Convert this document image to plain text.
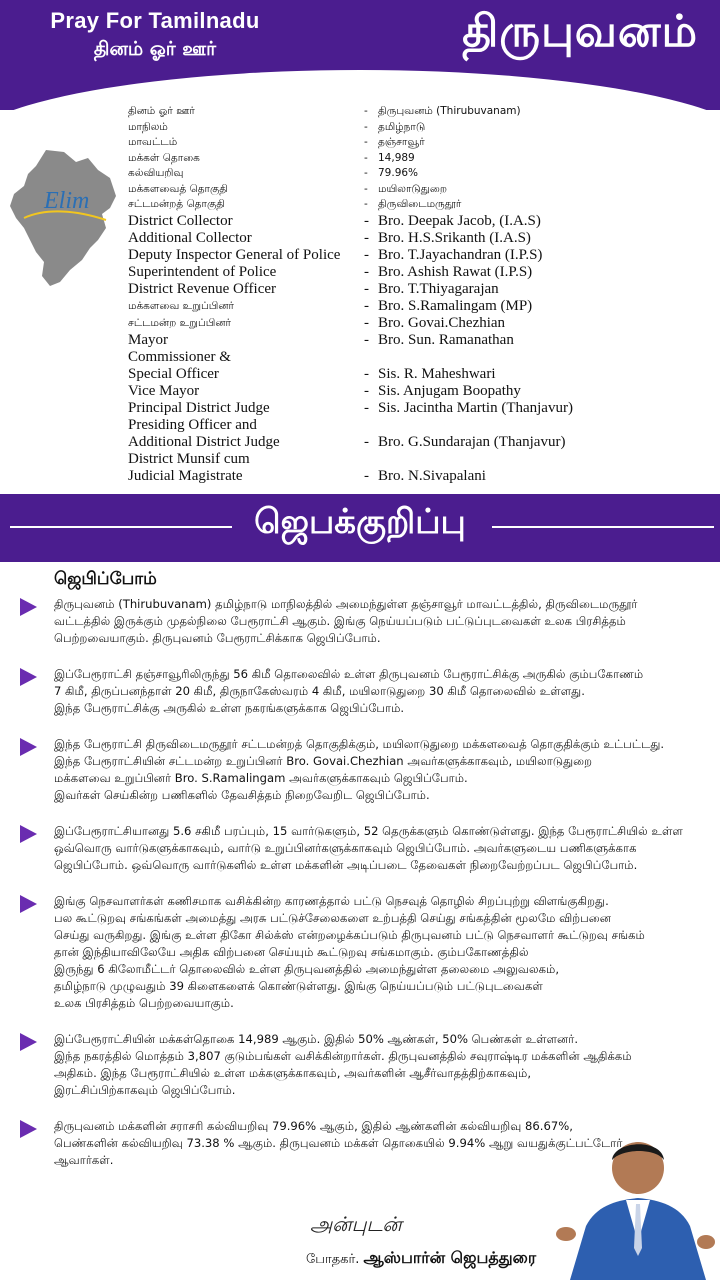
Pray For Tamilnadu
தினம் ஓர் ஊர்	திருபுவனம்
Elim
தினம் ஓர் ஊர்	- திருபுவனம் (Thirubuvanam)
மாநிலம்	- தமிழ்நாடு
மாவட்டம்	- தஞ்சாவூர்
மக்கள் தொகை	- 14,989
கல்வியறிவு	- 79.96%
மக்களவைத் தொகுதி	- மயிலாடுதுறை
சட்டமன்றத் தொகுதி	- திருவிடைமருதூர்
District Collector	- Bro. Deepak Jacob, (I.A.S)
Additional Collector	- Bro. H.S.Srikanth (I.A.S)
Deputy Inspector General of Police	- Bro. T.Jayachandran (I.P.S)
Superintendent of Police	- Bro. Ashish Rawat (I.P.S)
District Revenue Officer	- Bro. T.Thiyagarajan
மக்களவை உறுப்பினர்	- Bro. S.Ramalingam (MP)
சட்டமன்ற உறுப்பினர்	- Bro. Govai.Chezhian
Mayor	- Bro. Sun. Ramanathan
Commissioner &
Special Officer	- Sis. R. Maheshwari
Vice Mayor	- Sis. Anjugam Boopathy
Principal District Judge	- Sis. Jacintha Martin (Thanjavur)
Presiding Officer and
Additional District Judge	- Bro. G.Sundarajan (Thanjavur)
District Munsif cum
Judicial Magistrate	- Bro. N.Sivapalani
ஜெபக்குறிப்பு
ஜெபிப்போம்

திருபுவனம் (Thirubuvanam) தமிழ்நாடு மாநிலத்தில் அமைந்துள்ள தஞ்சாவூர் மாவட்டத்தில், திருவிடைமருதூர்

வட்டத்தில் இருக்கும் முதல்நிலை பேரூராட்சி ஆகும். இங்கு நெய்யப்படும் பட்டுப்புடவைகள் உலக பிரசித்தம்

பெற்றவையாகும். திருபுவனம் பேரூராட்சிக்காக ஜெபிப்போம்.

இப்பேரூராட்சி தஞ்சாவூரிலிருந்து 56 கிமீ தொலைவில் உள்ள திருபுவனம் பேரூராட்சிக்கு அருகில் கும்பகோணம்

7 கிமீ, திருப்பனந்தாள் 20 கிமீ, திருநாகேஸ்வரம் 4 கிமீ, மயிலாடுதுறை 30 கிமீ தொலைவில் உள்ளது.

இந்த பேரூராட்சிக்கு அருகில் உள்ள நகரங்களுக்காக ஜெபிப்போம்.

இந்த பேரூராட்சி திருவிடைமருதூர் சட்டமன்றத் தொகுதிக்கும், மயிலாடுதுறை மக்களவைத் தொகுதிக்கும் உட்பட்டது.

இந்த பேரூராட்சியின் சட்டமன்ற உறுப்பினர் Bro. Govai.Chezhian அவர்களுக்காகவும், மயிலாடுதுறை

மக்களவை உறுப்பினர் Bro. S.Ramalingam அவர்களுக்காகவும் ஜெபிப்போம்.

இவர்கள் செய்கின்ற பணிகளில் தேவசித்தம் நிறைவேறிட ஜெபிப்போம்.

இப்பேரூராட்சியானது 5.6 சகிமீ பரப்பும், 15 வார்டுகளும், 52 தெருக்களும் கொண்டுள்ளது. இந்த பேரூராட்சியில் உள்ள

ஒவ்வொரு வார்டுகளுக்காகவும், வார்டு உறுப்பினர்களுக்காகவும் ஜெபிப்போம். அவர்களுடைய பணிகளுக்காக

ஜெபிப்போம். ஒவ்வொரு வார்டுகளில் உள்ள மக்களின் அடிப்படை தேவைகள் நிறைவேற்றப்பட ஜெபிப்போம்.

இங்கு நெசவாளர்கள் கணிசமாக வசிக்கின்ற காரணத்தால் பட்டு நெசவுத் தொழில் சிறப்புற்று விளங்குகிறது.

பல கூட்டுறவு சங்கங்கள் அமைத்து அரசு பட்டுச்சேலைகளை உற்பத்தி செய்து சங்கத்தின் மூலமே விற்பனை

செய்து வருகிறது. இங்கு உள்ள திகோ சில்க்ஸ் என்றழைக்கப்படும் திருபுவனம் பட்டு நெசவாளர் கூட்டுறவு சங்கம்

தான் இந்தியாவிலேயே அதிக விற்பனை செய்யும் கூட்டுறவு சங்கமாகும். கும்பகோணத்தில்

இருந்து 6 கிலோமீட்டர் தொலைவில் உள்ள திருபுவனத்தில் அமைந்துள்ள தலைமை அலுவலகம்,

தமிழ்நாடு முழுவதும் 39 கிளைகளைக் கொண்டுள்ளது. இங்கு நெய்யப்படும் பட்டுபுடவைகள்

உலக பிரசித்தம் பெற்றவையாகும்.

இப்பேரூராட்சியின் மக்கள்தொகை 14,989 ஆகும். இதில் 50% ஆண்கள், 50% பெண்கள் உள்ளனர்.

இந்த நகரத்தில் மொத்தம் 3,807 குடும்பங்கள் வசிக்கின்றார்கள். திருபுவனத்தில் சவுராஷ்டிர மக்களின் ஆதிக்கம்

அதிகம். இந்த பேரூராட்சியில் உள்ள மக்களுக்காகவும், அவர்களின் ஆசீர்வாதத்திற்காகவும்,

இரட்சிப்பிற்காகவும் ஜெபிப்போம்.

திருபுவனம் மக்களின் சராசரி கல்வியறிவு 79.96% ஆகும், இதில் ஆண்களின் கல்வியறிவு 86.67%,

பெண்களின் கல்வியறிவு 73.38 % ஆகும். திருபுவனம் மக்கள் தொகையில் 9.94% ஆறு வயதுக்குட்பட்டோர்

ஆவார்கள்.

அன்புடன்
போதகர். ஆஸ்பார்ன் ஜெபத்துரை
